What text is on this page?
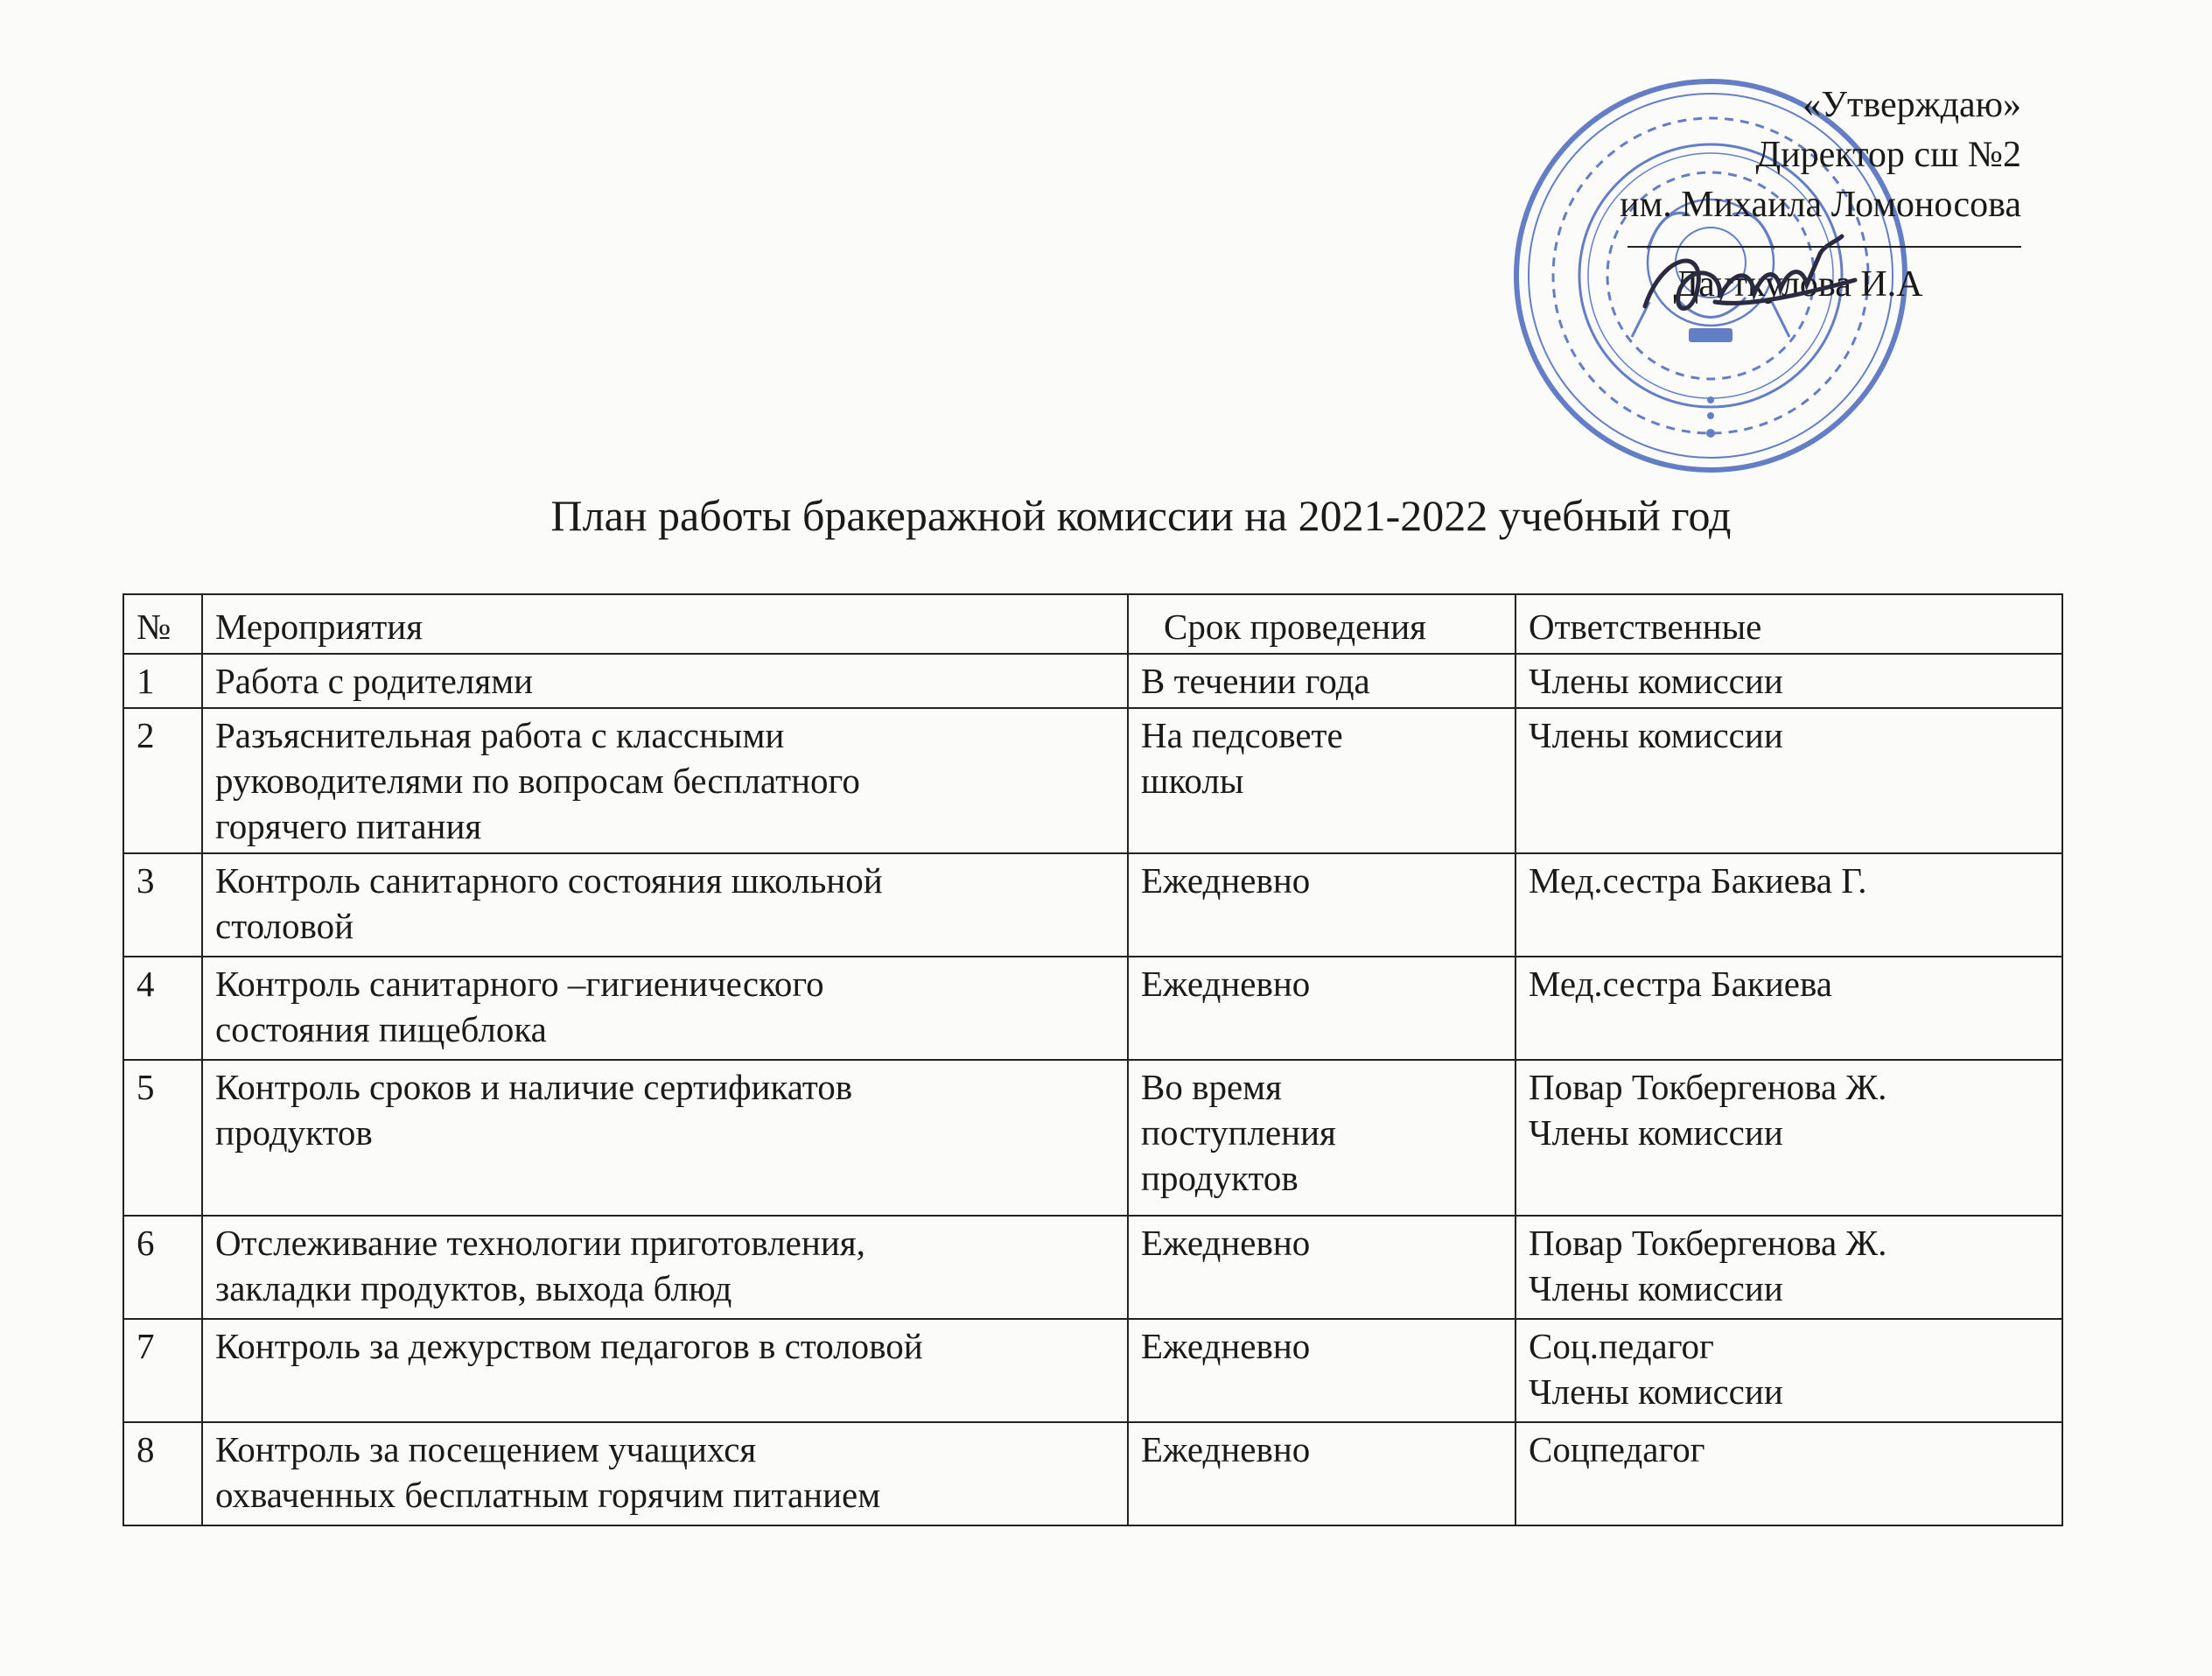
«Утверждаю»
Директор сш №2
им. Михаила Ломоносова
Дауткулова И.А
План работы бракеражной комиссии на 2021-2022 учебный год
№	Мероприятия	Срок проведения	Ответственные
1	Работа с родителями	В течении года	Члены комиссии

2	Разъяснительная работа с классными
руководителями по вопросам бесплатного
горячего питания	На педсовете
школы	Члены комиссии

3	Контроль санитарного состояния школьной
столовой	Ежедневно	Мед.сестра Бакиева Г.

4	Контроль санитарного –гигиенического
состояния пищеблока	Ежедневно	Мед.сестра Бакиева

5	Контроль сроков и наличие сертификатов
продуктов	Во время
поступления
продуктов	Повар Токбергенова Ж.
Члены комиссии

6	Отслеживание технологии приготовления,
закладки продуктов, выхода блюд	Ежедневно	Повар Токбергенова Ж.
Члены комиссии

7	Контроль за дежурством педагогов в столовой	Ежедневно	Соц.педагог
Члены комиссии

8	Контроль за посещением учащихся
охваченных бесплатным горячим питанием	Ежедневно	Соцпедагог
